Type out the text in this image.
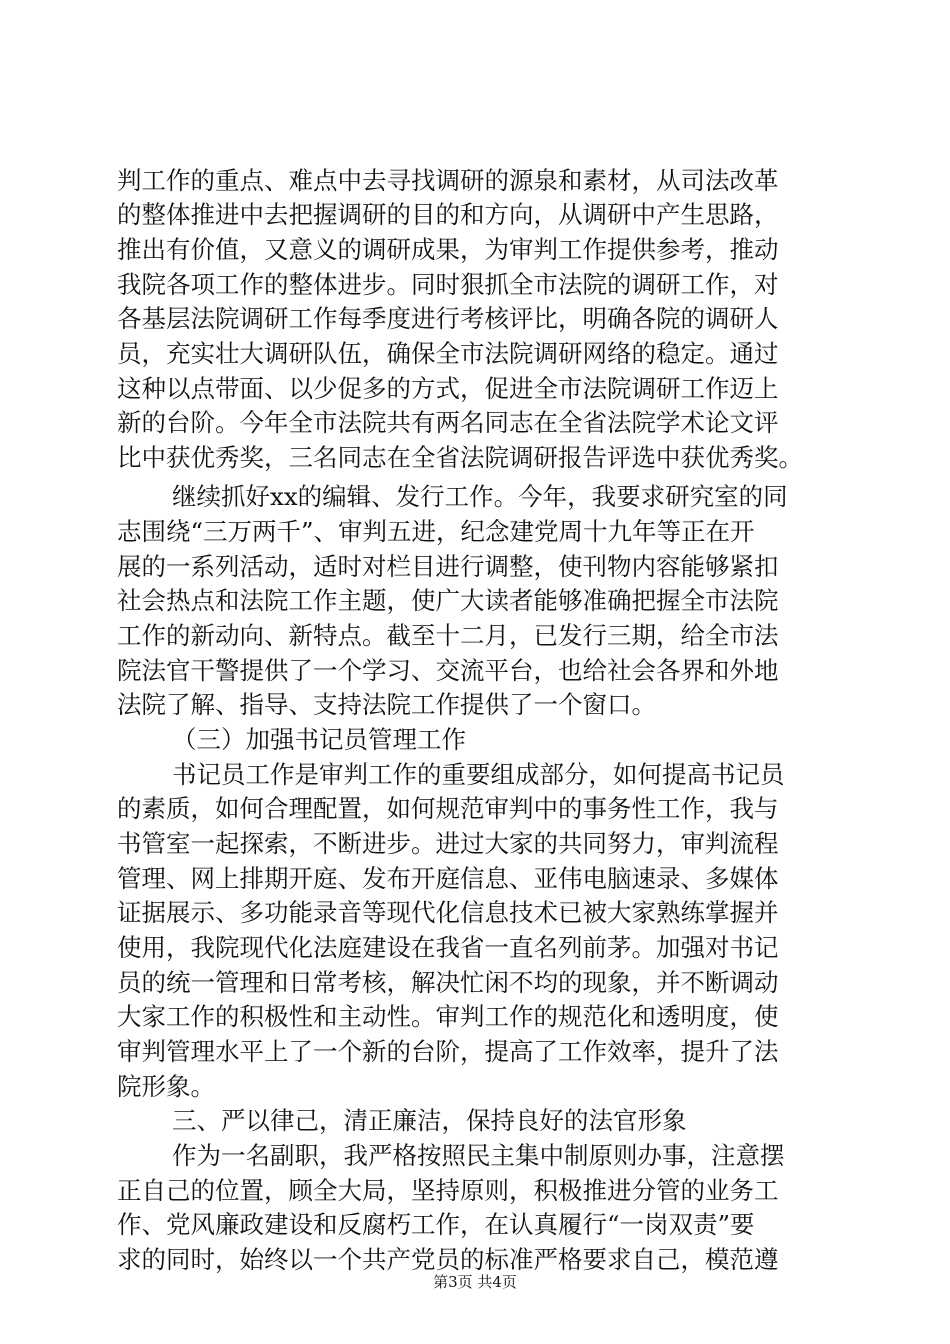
判工作的重点、难点中去寻找调研的源泉和素材，从司法改革
的整体推进中去把握调研的目的和方向，从调研中产生思路，
推出有价值，又意义的调研成果，为审判工作提供参考，推动
我院各项工作的整体进步。同时狠抓全市法院的调研工作，对
各基层法院调研工作每季度进行考核评比，明确各院的调研人
员，充实壮大调研队伍，确保全市法院调研网络的稳定。通过
这种以点带面、以少促多的方式，促进全市法院调研工作迈上
新的台阶。今年全市法院共有两名同志在全省法院学术论文评
比中获优秀奖，三名同志在全省法院调研报告评选中获优秀奖。
继续抓好xx的编辑、发行工作。今年，我要求研究室的同
志围绕“三万两千”、审判五进，纪念建党周十九年等正在开
展的一系列活动，适时对栏目进行调整，使刊物内容能够紧扣
社会热点和法院工作主题，使广大读者能够准确把握全市法院
工作的新动向、新特点。截至十二月，已发行三期，给全市法
院法官干警提供了一个学习、交流平台，也给社会各界和外地
法院了解、指导、支持法院工作提供了一个窗口。
（三）加强书记员管理工作
书记员工作是审判工作的重要组成部分，如何提高书记员
的素质，如何合理配置，如何规范审判中的事务性工作，我与
书管室一起探索，不断进步。进过大家的共同努力，审判流程
管理、网上排期开庭、发布开庭信息、亚伟电脑速录、多媒体
证据展示、多功能录音等现代化信息技术已被大家熟练掌握并
使用，我院现代化法庭建设在我省一直名列前茅。加强对书记
员的统一管理和日常考核，解决忙闲不均的现象，并不断调动
大家工作的积极性和主动性。审判工作的规范化和透明度，使
审判管理水平上了一个新的台阶，提高了工作效率，提升了法
院形象。
三、严以律己，清正廉洁，保持良好的法官形象
作为一名副职，我严格按照民主集中制原则办事，注意摆
正自己的位置，顾全大局，坚持原则，积极推进分管的业务工
作、党风廉政建设和反腐朽工作，在认真履行“一岗双责”要
求的同时，始终以一个共产党员的标准严格要求自己，模范遵
第3页 共4页
